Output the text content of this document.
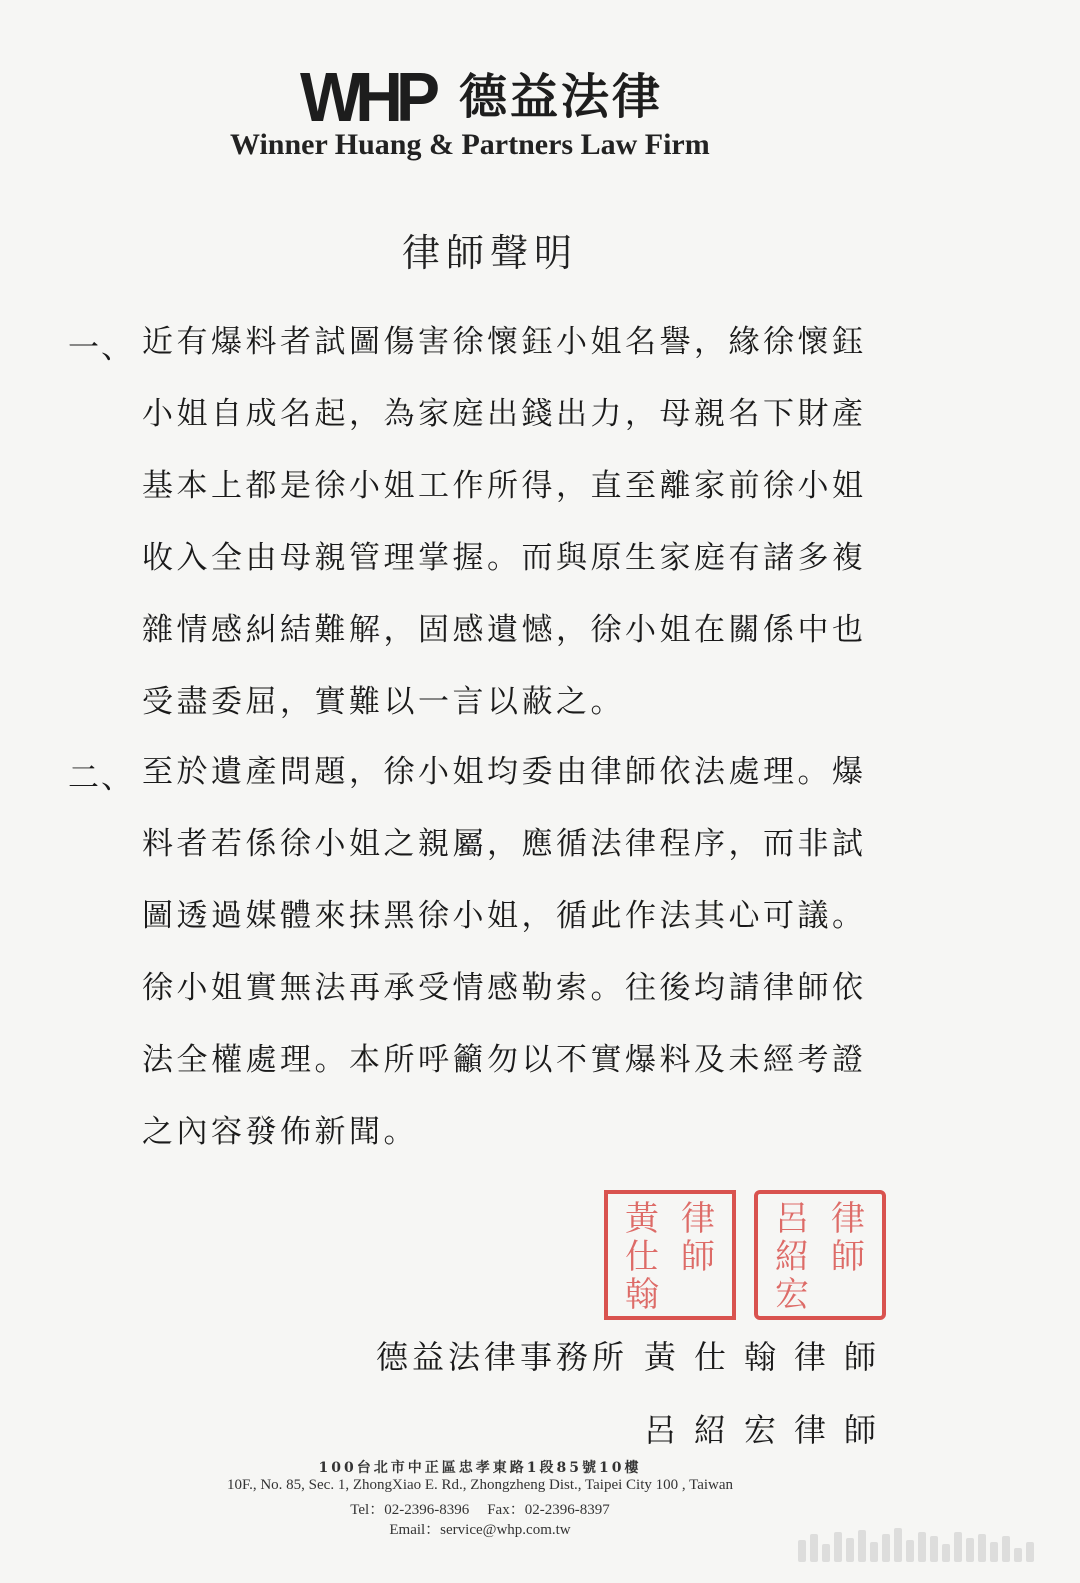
WHP 德益法律
Winner Huang & Partners Law Firm
律師聲明
一、 近有爆料者試圖傷害徐懷鈺小姐名譽，緣徐懷鈺
小姐自成名起，為家庭出錢出力，母親名下財產
基本上都是徐小姐工作所得，直至離家前徐小姐
收入全由母親管理掌握。而與原生家庭有諸多複
雜情感糾結難解，固感遺憾，徐小姐在關係中也
受盡委屈，實難以一言以蔽之。
二、 至於遺產問題，徐小姐均委由律師依法處理。爆
料者若係徐小姐之親屬，應循法律程序，而非試
圖透過媒體來抹黑徐小姐，循此作法其心可議。
徐小姐實無法再承受情感勒索。往後均請律師依
法全權處理。本所呼籲勿以不實爆料及未經考證
之內容發佈新聞。
黃 律
仕 師
翰
呂 律
紹 師
宏
德益法律事務所 黃仕翰律師
呂紹宏律師
100台北市中正區忠孝東路1段85號10樓
10F., No. 85, Sec. 1, ZhongXiao E. Rd., Zhongzheng Dist., Taipei City 100 , Taiwan
Tel：02-2396-8396 Fax：02-2396-8397
Email：service@whp.com.tw
